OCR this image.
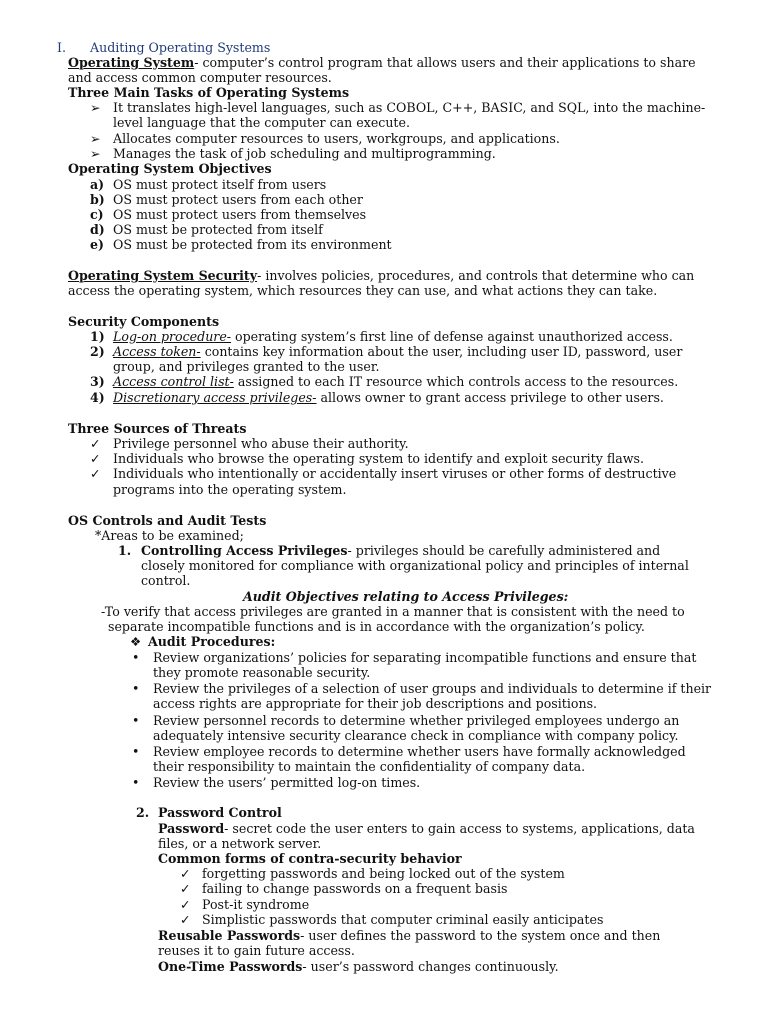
I. Auditing Operating Systems
Operating System- computer’s control program that allows users and their applications to share
and access common computer resources.
Three Main Tasks of Operating Systems
➢ It translates high-level languages, such as COBOL, C++, BASIC, and SQL, into the machine-
level language that the computer can execute.
➢ Allocates computer resources to users, workgroups, and applications.
➢ Manages the task of job scheduling and multiprogramming.
Operating System Objectives
a) OS must protect itself from users
b) OS must protect users from each other
c) OS must protect users from themselves
d) OS must be protected from itself
e) OS must be protected from its environment
Operating System Security- involves policies, procedures, and controls that determine who can
access the operating system, which resources they can use, and what actions they can take.
Security Components
1) Log-on procedure- operating system’s first line of defense against unauthorized access.
2) Access token- contains key information about the user, including user ID, password, user
group, and privileges granted to the user.
3) Access control list- assigned to each IT resource which controls access to the resources.
4) Discretionary access privileges- allows owner to grant access privilege to other users.
Three Sources of Threats
✓ Privilege personnel who abuse their authority.
✓ Individuals who browse the operating system to identify and exploit security flaws.
✓ Individuals who intentionally or accidentally insert viruses or other forms of destructive
programs into the operating system.
OS Controls and Audit Tests
*Areas to be examined;
1. Controlling Access Privileges- privileges should be carefully administered and
closely monitored for compliance with organizational policy and principles of internal
control.
Audit Objectives relating to Access Privileges:
-To verify that access privileges are granted in a manner that is consistent with the need to
separate incompatible functions and is in accordance with the organization’s policy.
❖ Audit Procedures:
• Review organizations’ policies for separating incompatible functions and ensure that
they promote reasonable security.
• Review the privileges of a selection of user groups and individuals to determine if their
access rights are appropriate for their job descriptions and positions.
• Review personnel records to determine whether privileged employees undergo an
adequately intensive security clearance check in compliance with company policy.
• Review employee records to determine whether users have formally acknowledged
their responsibility to maintain the confidentiality of company data.
• Review the users’ permitted log-on times.
2. Password Control
Password- secret code the user enters to gain access to systems, applications, data
files, or a network server.
Common forms of contra-security behavior
✓ forgetting passwords and being locked out of the system
✓ failing to change passwords on a frequent basis
✓ Post-it syndrome
✓ Simplistic passwords that computer criminal easily anticipates
Reusable Passwords- user defines the password to the system once and then
reuses it to gain future access.
One-Time Passwords- user’s password changes continuously.
